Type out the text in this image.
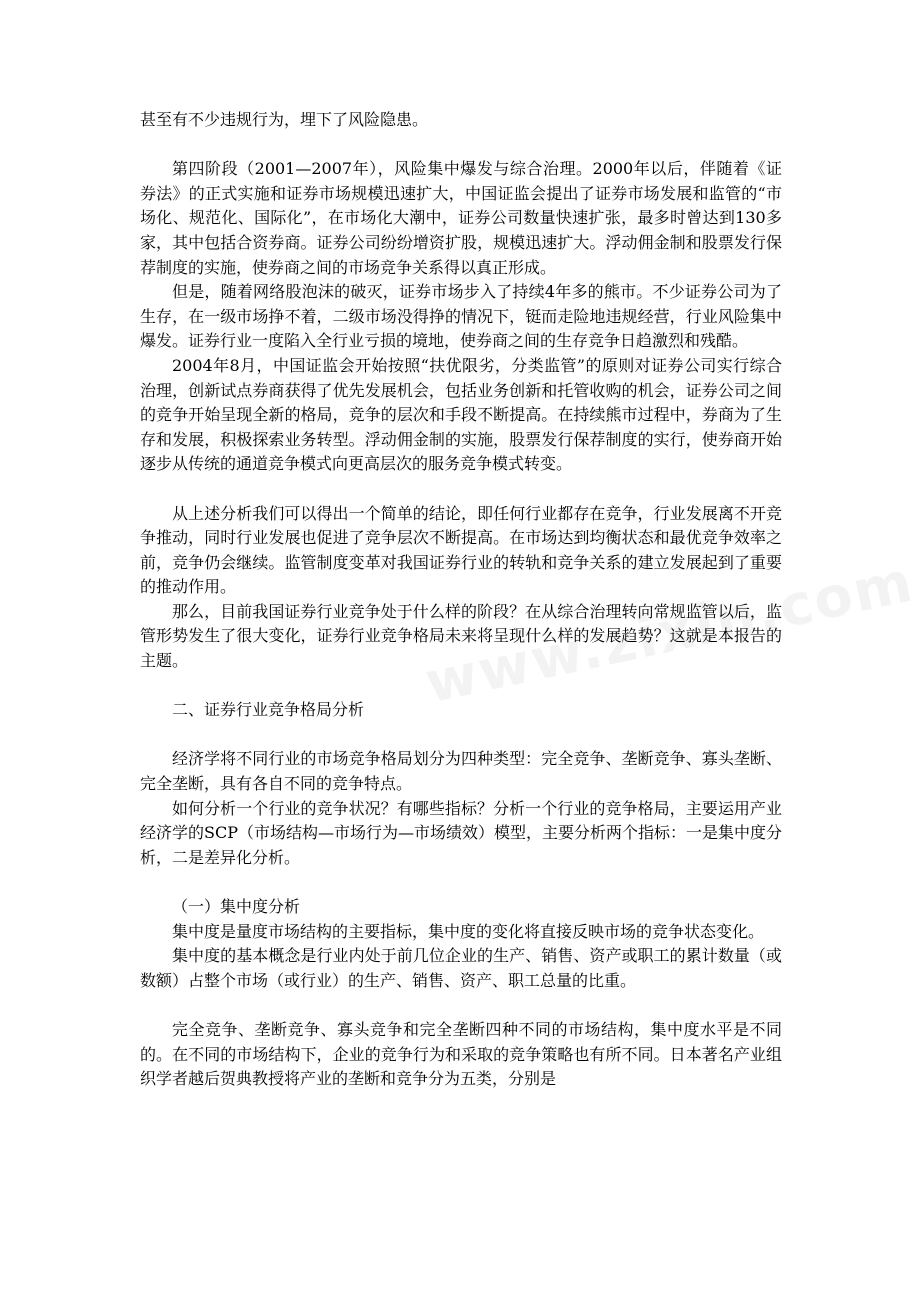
甚至有不少违规行为，埋下了风险隐患。

第四阶段（2001—2007年），风险集中爆发与综合治理。2000年以后，伴随着《证券法》的正式实施和证券市场规模迅速扩大，中国证监会提出了证券市场发展和监管的“市场化、规范化、国际化”，在市场化大潮中，证券公司数量快速扩张，最多时曾达到130多家，其中包括合资券商。证券公司纷纷增资扩股，规模迅速扩大。浮动佣金制和股票发行保荐制度的实施，使券商之间的市场竞争关系得以真正形成。

但是，随着网络股泡沫的破灭，证券市场步入了持续4年多的熊市。不少证券公司为了生存，在一级市场挣不着，二级市场没得挣的情况下，铤而走险地违规经营，行业风险集中爆发。证券行业一度陷入全行业亏损的境地，使券商之间的生存竞争日趋激烈和残酷。

2004年8月，中国证监会开始按照“扶优限劣，分类监管”的原则对证券公司实行综合治理，创新试点券商获得了优先发展机会，包括业务创新和托管收购的机会，证券公司之间的竞争开始呈现全新的格局，竞争的层次和手段不断提高。在持续熊市过程中，券商为了生存和发展，积极探索业务转型。浮动佣金制的实施，股票发行保荐制度的实行，使券商开始逐步从传统的通道竞争模式向更高层次的服务竞争模式转变。

从上述分析我们可以得出一个简单的结论，即任何行业都存在竞争，行业发展离不开竞争推动，同时行业发展也促进了竞争层次不断提高。在市场达到均衡状态和最优竞争效率之前，竞争仍会继续。监管制度变革对我国证券行业的转轨和竞争关系的建立发展起到了重要的推动作用。

那么，目前我国证券行业竞争处于什么样的阶段？在从综合治理转向常规监管以后，监管形势发生了很大变化，证券行业竞争格局未来将呈现什么样的发展趋势？这就是本报告的主题。

二、证券行业竞争格局分析

经济学将不同行业的市场竞争格局划分为四种类型：完全竞争、垄断竞争、寡头垄断、完全垄断，具有各自不同的竞争特点。

如何分析一个行业的竞争状况？有哪些指标？分析一个行业的竞争格局，主要运用产业经济学的SCP（市场结构—市场行为—市场绩效）模型，主要分析两个指标：一是集中度分析，二是差异化分析。

（一）集中度分析

集中度是量度市场结构的主要指标，集中度的变化将直接反映市场的竞争状态变化。

集中度的基本概念是行业内处于前几位企业的生产、销售、资产或职工的累计数量（或数额）占整个市场（或行业）的生产、销售、资产、职工总量的比重。

完全竞争、垄断竞争、寡头竞争和完全垄断四种不同的市场结构，集中度水平是不同的。在不同的市场结构下，企业的竞争行为和采取的竞争策略也有所不同。日本著名产业组织学者越后贺典教授将产业的垄断和竞争分为五类，分别是
